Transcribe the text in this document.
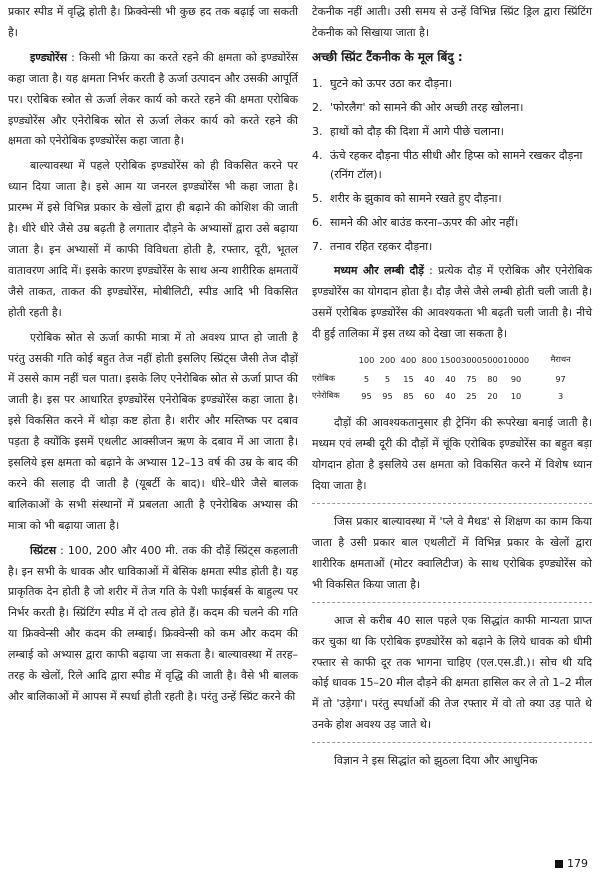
प्रकार स्पीड में वृद्धि होती है। फ्रिक्वेन्सी भी कुछ हद तक बढ़ाई जा सकती है।

इण्ड्योरेंस : किसी भी क्रिया का करते रहने की क्षमता को इण्ड्योरेंस कहा जाता है। यह क्षमता निर्भर करती है ऊर्जा उत्पादन और उसकी आपूर्ति पर। एरोबिक स्त्रोत से ऊर्जा लेकर कार्य को करते रहने की क्षमता एरोबिक इण्ड्योरेंस और एनेरोबिक स्रोत से ऊर्जा लेकर कार्य को करते रहने की क्षमता को एनेरोबिक इण्ड्योरेंस कहा जाता है।

बाल्यावस्था में पहले एरोबिक इण्ड्योरेंस को ही विकसित करने पर ध्यान दिया जाता है। इसे आम या जनरल इण्ड्योरेंस भी कहा जाता है। प्रारम्भ में इसे विभिन्न प्रकार के खेलों द्वारा ही बढ़ाने की कोशिश की जाती है। धीरे धीरे जैसे उम्र बढ़ती है लगातार दौड़ने के अभ्यासों द्वारा उसे बढ़ाया जाता है। इन अभ्यासों में काफी विविधता होती है, रफ्तार, दूरी, भूतल वातावरण आदि में। इसके कारण इण्ड्योरेंस के साथ अन्य शारीरिक क्षमतायें जैसे ताकत, ताकत की इण्ड्योरेंस, मोबीलिटी, स्पीड आदि भी विकसित होती रहती है।

एरोबिक स्रोत से ऊर्जा काफी मात्रा में तो अवश्य प्राप्त हो जाती है परंतु उसकी गति कोई बहुत तेज नहीं होती इसलिए स्प्रिंट्स जैसी तेज दौड़ों में उससे काम नहीं चल पाता। इसके लिए एनेरोबिक स्रोत से ऊर्जा प्राप्त की जाती है। इस पर आधारित इण्ड्योरेंस एनेरोबिक इण्ड्योरेंस कहा जाता है। इसे विकसित करने में थोड़ा कष्ट होता है। शरीर और मस्तिष्क पर दबाव पड़ता है क्योंकि इसमें एथलीट आक्सीजन ऋण के दबाव में आ जाता है। इसलिये इस क्षमता को बढ़ाने के अभ्यास 12–13 वर्ष की उम्र के बाद की करने की सलाह दी जाती है (यूबर्टी के बाद)। धीरे–धीरे जैसे बालक बालिकाओं के सभी संस्थानों में प्रबलता आती है एनेरोबिक अभ्यास की मात्रा को भी बढ़ाया जाता है।

स्प्रिंटस : 100, 200 और 400 मी. तक की दौड़ें स्प्रिंट्स कहलाती है। इन सभी के धावक और धाविकाओं में बेसिक क्षमता स्पीड होती है। यह प्राकृतिक देन होती है जो शरीर में तेज गति के पेशी फाईबर्स के बाहुल्य पर निर्भर करती है। स्प्रिंटिंग स्पीड में दो तत्व होते हैं। कदम की चलने की गति या फ्रिक्वेन्सी और कदम की लम्बाई। फ्रिक्वेन्सी को कम और कदम की लम्बाई को अभ्यास द्वारा काफी बढ़ाया जा सकता है। बाल्यावस्था में तरह–तरह के खेलों, रिले आदि द्वारा स्पीड में वृद्धि की जाती है। वैसे भी बालक और बालिकाओं में आपस में स्पर्धा होती रहती है। परंतु उन्हें स्प्रिंट करने की

टेकनीक नहीं आती। उसी समय से उन्हें विभिन्न स्प्रिंट ड्रिल द्वारा स्प्रिंटिंग टेकनीक को सिखाया जाता है।

अच्छी स्प्रिंट टैंकनीक के मूल बिंदु :
1. घुटने को ऊपर उठा कर दौड़ना।
2. 'फोरलैग' को सामने की ओर अच्छी तरह खोलना।
3. हाथों को दौड़ की दिशा में आगे पीछे चलाना।
4. ऊंचे रहकर दौड़ना पीठ सीधी और हिप्स को सामने रखकर दौड़ना (रनिंग टॉल)।
5. शरीर के झुकाव को सामने रखते हुए दौड़ना।
6. सामने की ओर बाउंड करना–ऊपर की ओर नहीं।
7. तनाव रहित रहकर दौड़ना।

मध्यम और लम्बी दौड़ें : प्रत्येक दौड़ में एरोबिक और एनेरोबिक इण्ड्योरेंस का योगदान होता है। दौड़ जैसे जैसे लम्बी होती चली जाती है। उसमें एरोबिक इण्ड्योरेंस की आवश्यकता भी बढ़ती चली जाती है। नीचे दी हुई तालिका में इस तथ्य को देखा जा सकता है।

	100	200	400	800	1500	3000	5000	10000	मैराथन
एरोबिक	5	5	15	40	40	75	80	90	97
एनेरोबिक	95	95	85	60	40	25	20	10	3

दौड़ों की आवश्यकतानुसार ही ट्रेनिंग की रूपरेखा बनाई जाती है। मध्यम एवं लम्बी दूरी की दौड़ों में चूंकि एरोबिक इण्ड्योरेंस का बहुत बड़ा योगदान होता है इसलिये उस क्षमता को विकसित करने में विशेष ध्यान दिया जाता है।

जिस प्रकार बाल्यावस्था में 'प्ले वे मैथड' से शिक्षण का काम किया जाता है उसी प्रकार बाल एथलीटों में विभिन्न प्रकार के खेलों द्वारा शारीरिक क्षमताओं (मोटर क्वालिटीज) के साथ एरोबिक इण्ड्योरेंस को भी विकसित किया जाता है।

आज से करीब 40 साल पहले एक सिद्धांत काफी मान्यता प्राप्त कर चुका था कि एरोबिक इण्ड्योरेंस को बढ़ाने के लिये धावक को धीमी रफ्तार से काफी दूर तक भागना चाहिए (एल.एस.डी.)। सोच थी यदि कोई धावक 15–20 मील दौड़ने की क्षमता हासिल कर ले तो 1–2 मील में तो 'उड़ेगा'। परंतु स्पर्धाओं की तेज रफ्तार में वो तो क्या उड़ पाते थे उनके होश अवश्य उड़ जाते थे।

विज्ञान ने इस सिद्धांत को झुठला दिया और आधुनिक

179
